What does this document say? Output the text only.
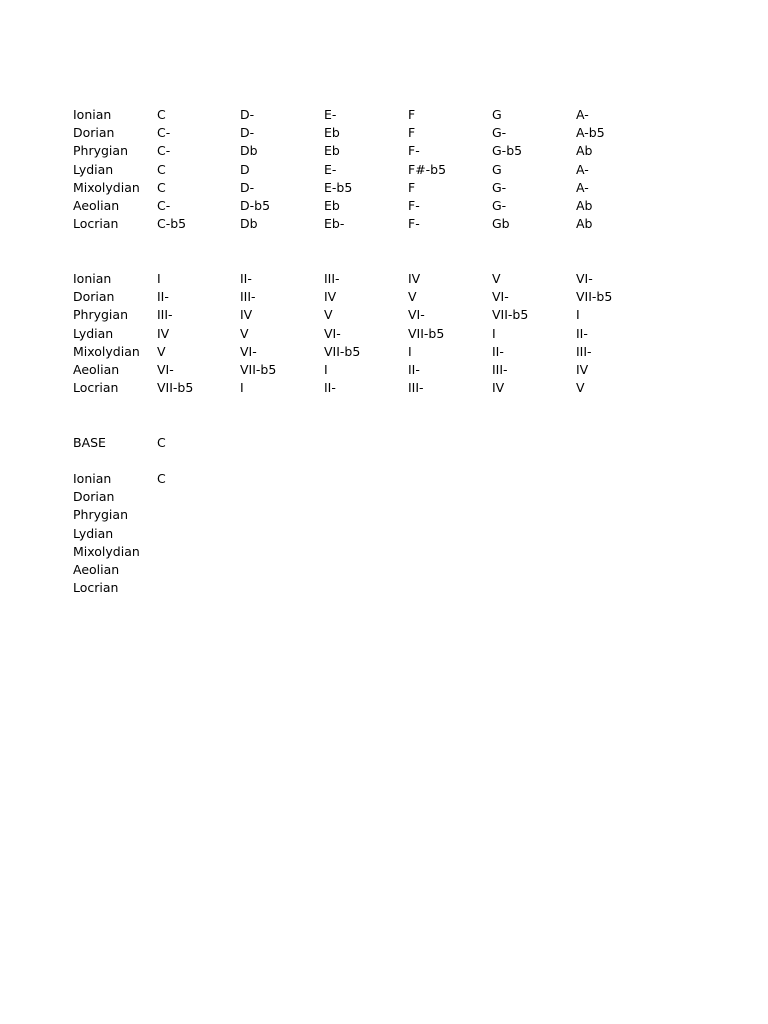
Ionian	C	D-	E-	F	G	A-
Dorian	C-	D-	Eb	F	G-	A-b5
Phrygian C-	Db	Eb	F-	G-b5	Ab
Lydian	C	D	E-	F#-b5	G	A-
Mixolydian C	D-	E-b5	F	G-	A-
Aeolian	C-	D-b5	Eb	F-	G-	Ab
Locrian	C-b5	Db	Eb-	F-	Gb	Ab
Ionian	I	II-	III-	IV	V	VI-
Dorian	II-	III-	IV	V	VI-	VII-b5
Phrygian III-	IV	V	VI-	VII-b5	I
Lydian	IV	V	VI-	VII-b5	I	II-
Mixolydian V	VI-	VII-b5	I	II-	III-
Aeolian	VI-	VII-b5	I	II-	III-	IV
Locrian	VII-b5	I	II-	III-	IV	V
BASE	C
Ionian	C
Dorian
Phrygian
Lydian
Mixolydian
Aeolian
Locrian
